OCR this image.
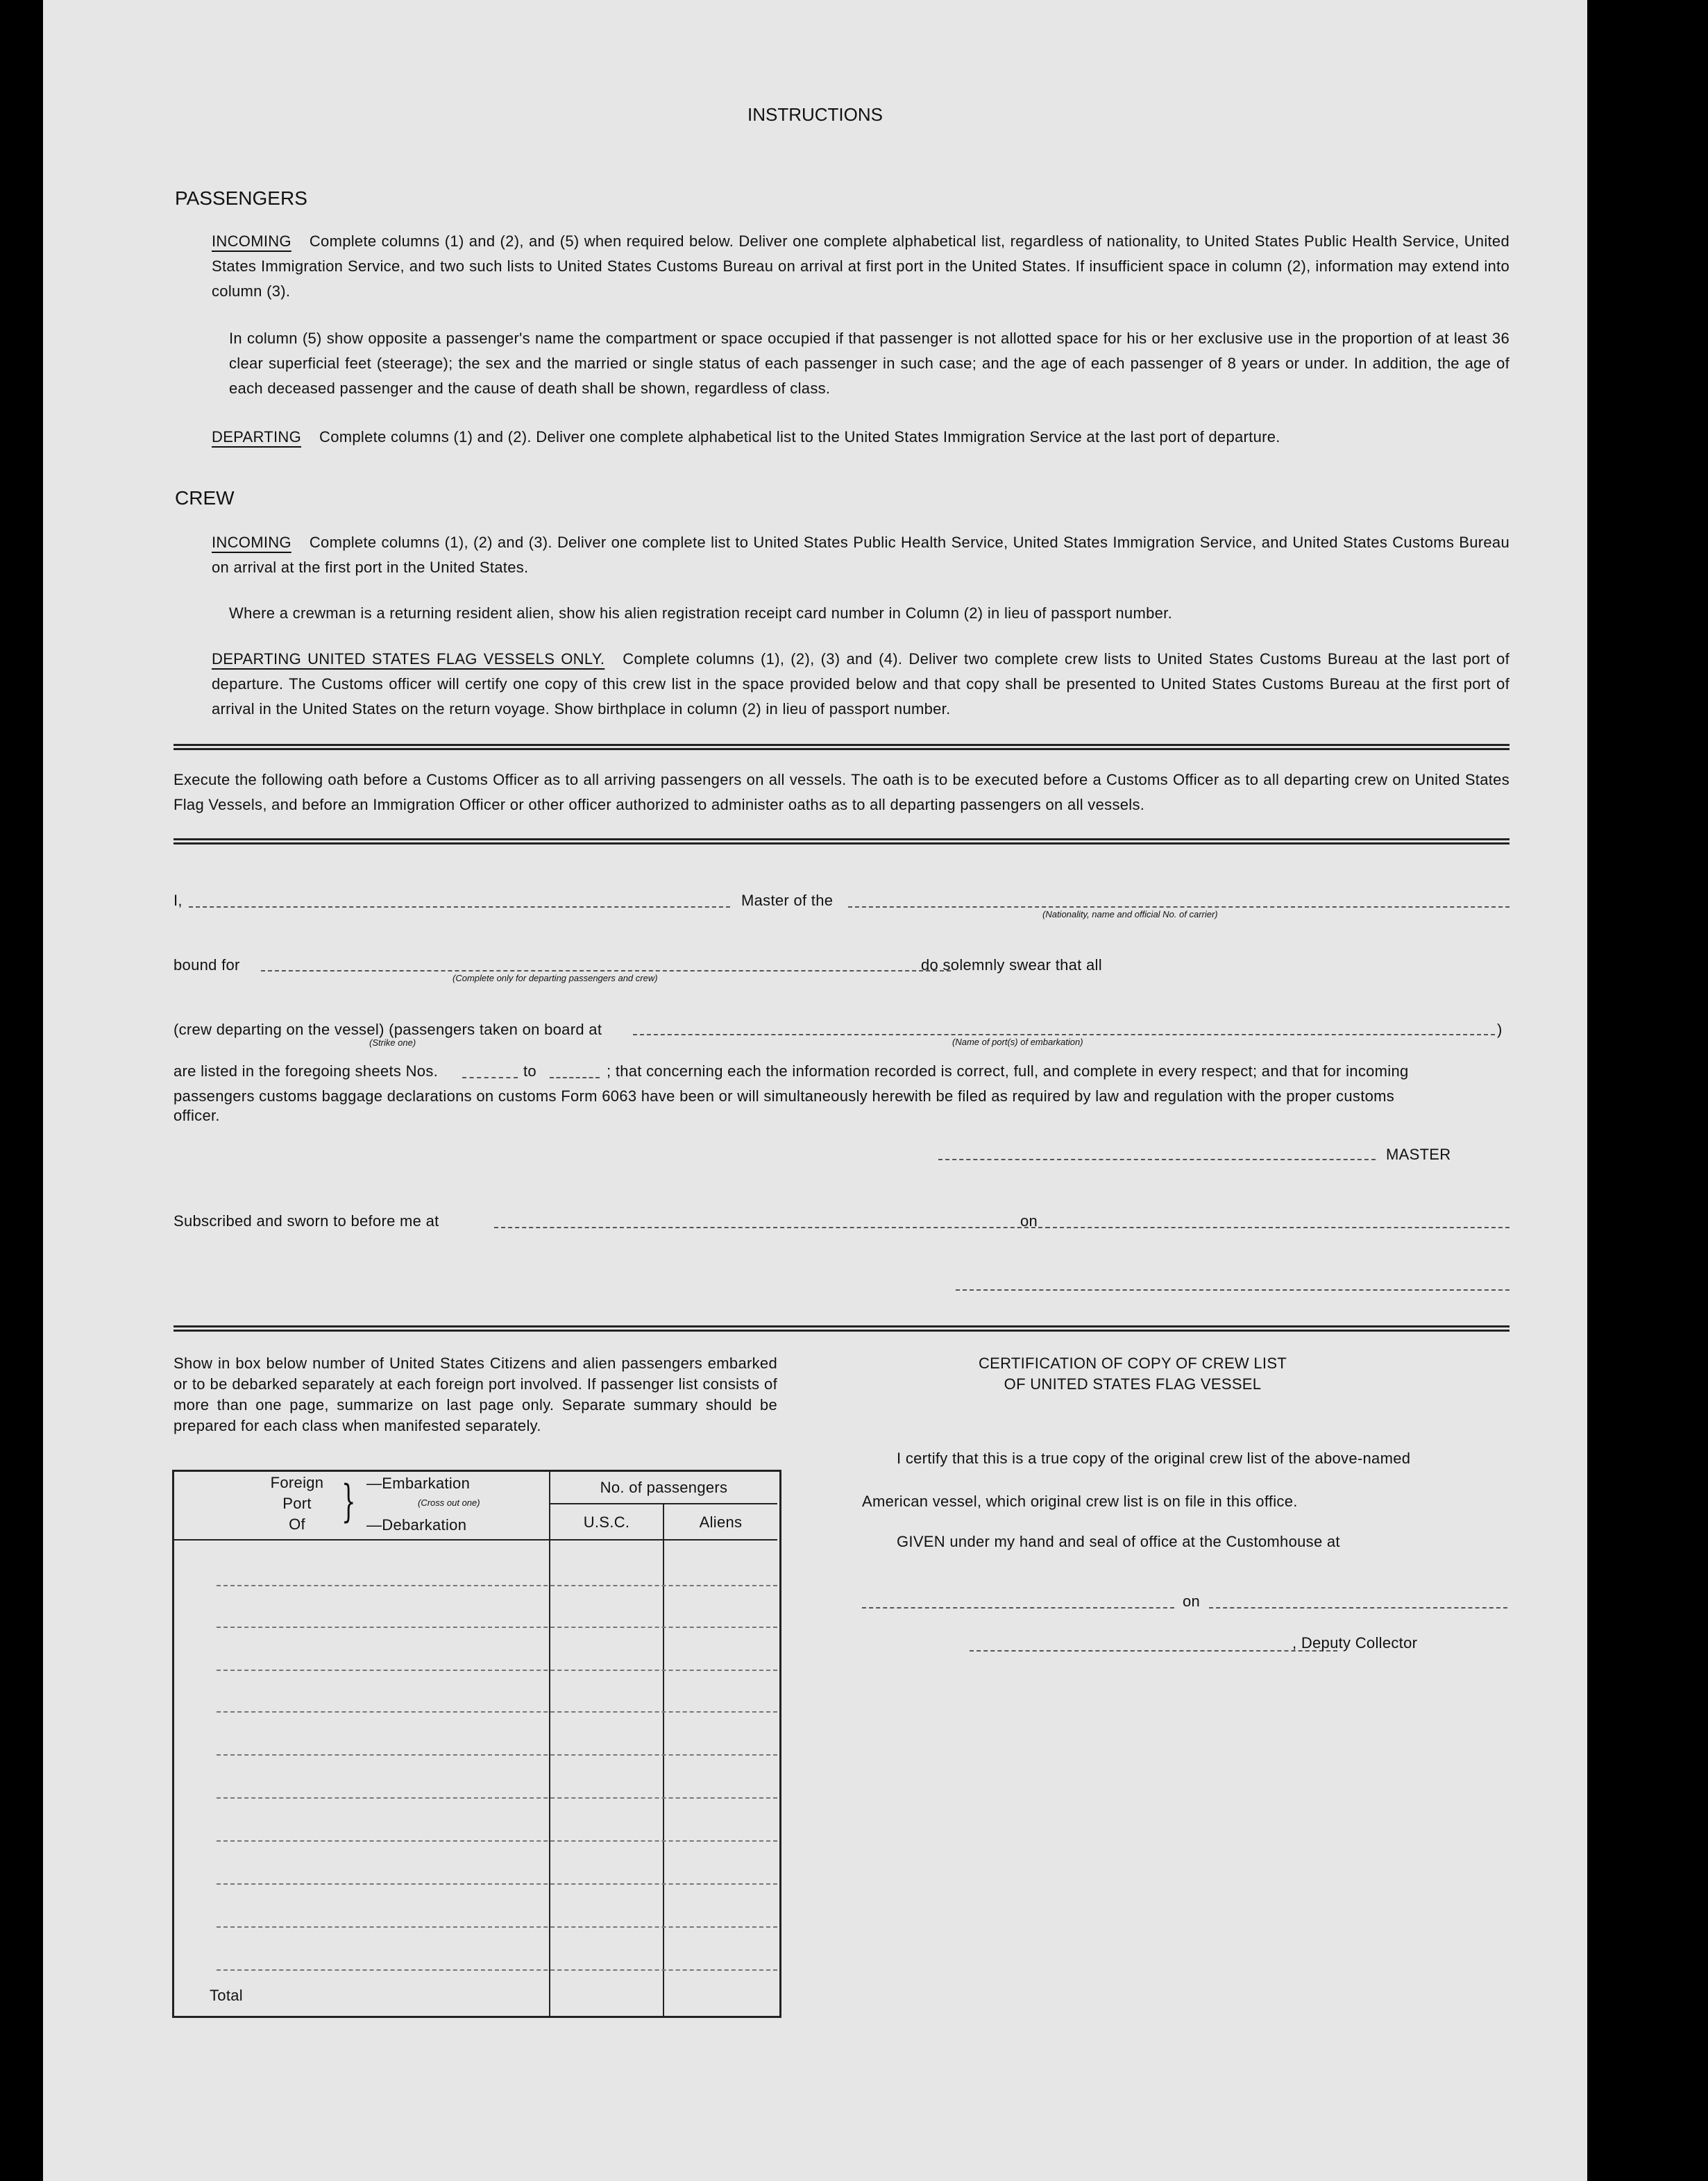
INSTRUCTIONS
PASSENGERS
INCOMING Complete columns (1) and (2), and (5) when required below. Deliver one complete alphabetical list, regardless of nationality, to United States Public Health Service, United States Immigration Service, and two such lists to United States Customs Bureau on arrival at first port in the United States. If insufficient space in column (2), information may extend into column (3).
In column (5) show opposite a passenger's name the compartment or space occupied if that passenger is not allotted space for his or her exclusive use in the proportion of at least 36 clear superficial feet (steerage); the sex and the married or single status of each passenger in such case; and the age of each passenger of 8 years or under. In addition, the age of each deceased passenger and the cause of death shall be shown, regardless of class.
DEPARTING Complete columns (1) and (2). Deliver one complete alphabetical list to the United States Immigration Service at the last port of departure.
CREW
INCOMING Complete columns (1), (2) and (3). Deliver one complete list to United States Public Health Service, United States Immigration Service, and United States Customs Bureau on arrival at the first port in the United States.
Where a crewman is a returning resident alien, show his alien registration receipt card number in Column (2) in lieu of passport number.
DEPARTING UNITED STATES FLAG VESSELS ONLY. Complete columns (1), (2), (3) and (4). Deliver two complete crew lists to United States Customs Bureau at the last port of departure. The Customs officer will certify one copy of this crew list in the space provided below and that copy shall be presented to United States Customs Bureau at the first port of arrival in the United States on the return voyage. Show birthplace in column (2) in lieu of passport number.
Execute the following oath before a Customs Officer as to all arriving passengers on all vessels. The oath is to be executed before a Customs Officer as to all departing crew on United States Flag Vessels, and before an Immigration Officer or other officer authorized to administer oaths as to all departing passengers on all vessels.
I,	Master of the
(Nationality, name and official No. of carrier)
bound for
(Complete only for departing passengers and crew)
do solemnly swear that all
(crew departing on the vessel) (passengers taken on board at
(Strike one)	(Name of port(s) of embarkation)
)
are listed in the foregoing sheets Nos.	to	; that concerning each the information recorded is correct, full, and complete in every respect; and that for incoming
passengers customs baggage declarations on customs Form 6063 have been or will simultaneously herewith be filed as required by law and regulation with the proper customs
officer.
MASTER
Subscribed and sworn to before me at	on
Show in box below number of United States Citizens and alien passengers embarked or to be debarked separately at each foreign port involved. If passenger list consists of more than one page, summarize on last page only. Separate summary should be prepared for each class when manifested separately.
Foreign
Port
Of } —Embarkation
(Cross out one)
—Debarkation
No. of passengers
U.S.C.	Aliens
Total
CERTIFICATION OF COPY OF CREW LIST
OF UNITED STATES FLAG VESSEL
I certify that this is a true copy of the original crew list of the above-named
American vessel, which original crew list is on file in this office.
GIVEN under my hand and seal of office at the Customhouse at
on
, Deputy Collector
